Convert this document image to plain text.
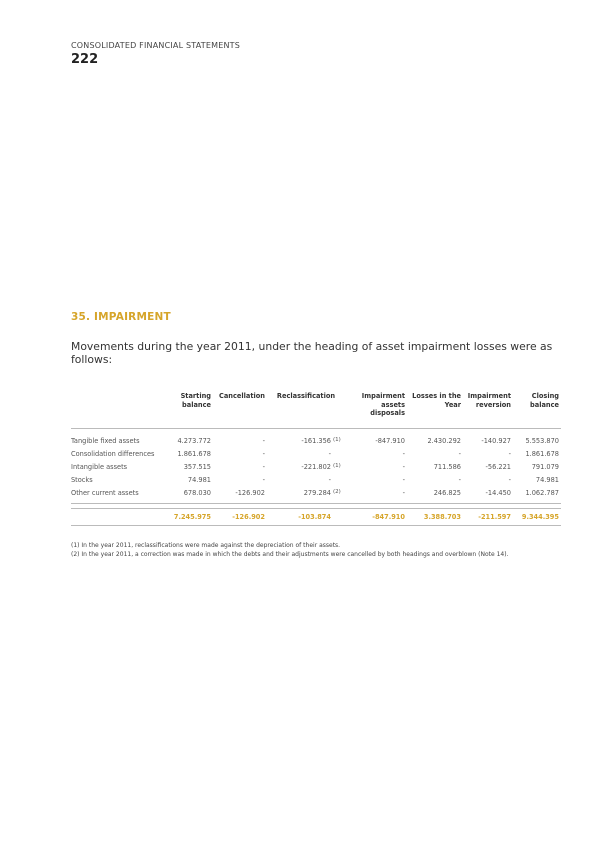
CONSOLIDATED FINANCIAL STATEMENTS
222
35. IMPAIRMENT
Movements during the year 2011, under the heading of asset impairment losses were as follows:
	Starting balance	Cancellation	Reclassification	Impairment assets disposals	Losses in the Year	Impairment reversion	Closing balance
Tangible fixed assets	4.273.772	-	-161.356 (1)	-847.910	2.430.292	-140.927	5.553.870
Consolidation differences	1.861.678	-	-	-	-	-	1.861.678
Intangible assets	357.515	-	-221.802 (1)	-	711.586	-56.221	791.079
Stocks	74.981	-	-	-	-	-	74.981
Other current assets	678.030	-126.902	279.284 (2)	-	246.825	-14.450	1.062.787

	7.245.975	-126.902	-103.874	-847.910	3.388.703	-211.597	9.344.395
(1) In the year 2011, reclassifications were made against the depreciation of their assets.
(2) In the year 2011, a correction was made in which the debts and their adjustments were cancelled by both headings and overblown (Note 14).
